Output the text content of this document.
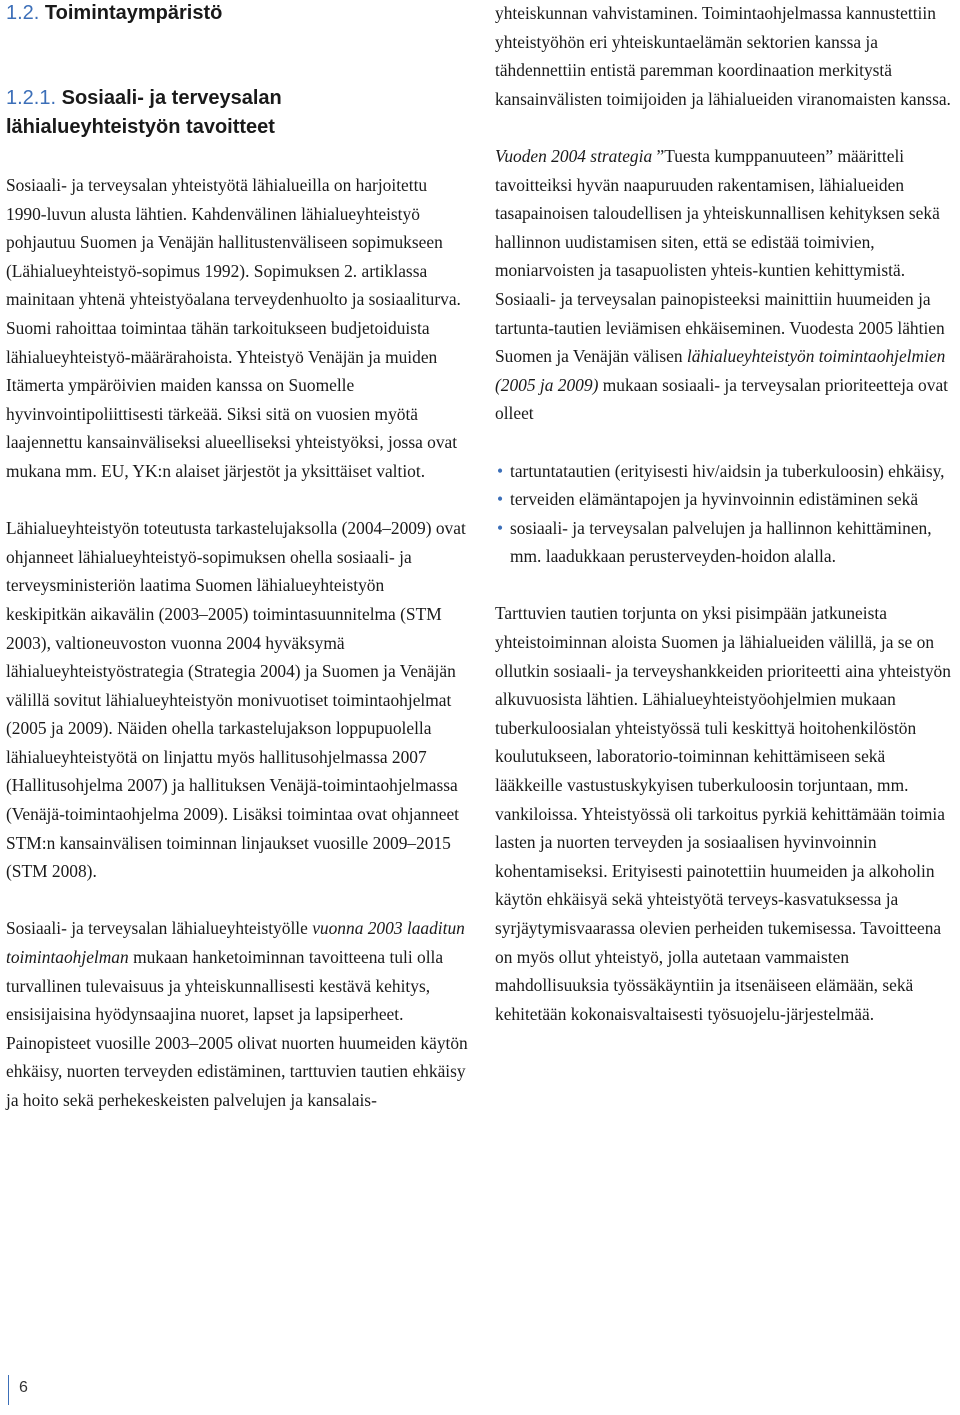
1.2. Toimintaympäristö
1.2.1. Sosiaali- ja terveysalan
lähialueyhteistyön tavoitteet

Sosiaali- ja terveysalan yhteistyötä lähialueilla on harjoitettu 1990-luvun alusta lähtien. Kahdenvälinen lähialueyhteistyö pohjautuu Suomen ja Venäjän hallitustenväliseen sopimukseen (Lähialueyhteistyö-sopimus 1992). Sopimuksen 2. artiklassa mainitaan yhtenä yhteistyöalana terveydenhuolto ja sosiaaliturva. Suomi rahoittaa toimintaa tähän tarkoitukseen budjetoiduista lähialueyhteistyö-määrärahoista. Yhteistyö Venäjän ja muiden Itämerta ympäröivien maiden kanssa on Suomelle hyvinvointipoliittisesti tärkeää. Siksi sitä on vuosien myötä laajennettu kansainväliseksi alueelliseksi yhteistyöksi, jossa ovat mukana mm. EU, YK:n alaiset järjestöt ja yksittäiset valtiot.

Lähialueyhteistyön toteutusta tarkastelujaksolla (2004–2009) ovat ohjanneet lähialueyhteistyö-sopimuksen ohella sosiaali- ja terveysministeriön laatima Suomen lähialueyhteistyön keskipitkän aikavälin (2003–2005) toimintasuunnitelma (STM 2003), valtioneuvoston vuonna 2004 hyväksymä lähialueyhteistyöstrategia (Strategia 2004) ja Suomen ja Venäjän välillä sovitut lähialueyhteistyön monivuotiset toimintaohjelmat (2005 ja 2009). Näiden ohella tarkastelujakson loppupuolella lähialueyhteistyötä on linjattu myös hallitusohjelmassa 2007 (Hallitusohjelma 2007) ja hallituksen Venäjä-toimintaohjelmassa (Venäjä-toimintaohjelma 2009). Lisäksi toimintaa ovat ohjanneet STM:n kansainvälisen toiminnan linjaukset vuosille 2009–2015 (STM 2008).

Sosiaali- ja terveysalan lähialueyhteistyölle vuonna 2003 laaditun toimintaohjelman mukaan hanketoiminnan tavoitteena tuli olla turvallinen tulevaisuus ja yhteiskunnallisesti kestävä kehitys, ensisijaisina hyödynsaajina nuoret, lapset ja lapsiperheet. Painopisteet vuosille 2003–2005 olivat nuorten huumeiden käytön ehkäisy, nuorten terveyden edistäminen, tarttuvien tautien ehkäisy ja hoito sekä perhekeskeisten palvelujen ja kansalais-

yhteiskunnan vahvistaminen. Toimintaohjelmassa kannustettiin yhteistyöhön eri yhteiskuntaelämän sektorien kanssa ja tähdennettiin entistä paremman koordinaation merkitystä kansainvälisten toimijoiden ja lähialueiden viranomaisten kanssa.

Vuoden 2004 strategia ”Tuesta kumppanuuteen” määritteli tavoitteiksi hyvän naapuruuden rakentamisen, lähialueiden tasapainoisen taloudellisen ja yhteiskunnallisen kehityksen sekä hallinnon uudistamisen siten, että se edistää toimivien, moniarvoisten ja tasapuolisten yhteis-kuntien kehittymistä. Sosiaali- ja terveysalan painopisteeksi mainittiin huumeiden ja tartunta-tautien leviämisen ehkäiseminen. Vuodesta 2005 lähtien Suomen ja Venäjän välisen lähialueyhteistyön toimintaohjelmien (2005 ja 2009) mukaan sosiaali- ja terveysalan prioriteetteja ovat olleet

• tartuntatautien (erityisesti hiv/aidsin ja tuberkuloosin) ehkäisy,
• terveiden elämäntapojen ja hyvinvoinnin edistäminen sekä
• sosiaali- ja terveysalan palvelujen ja hallinnon kehittäminen, mm. laadukkaan perusterveyden-hoidon alalla.

Tarttuvien tautien torjunta on yksi pisimpään jatkuneista yhteistoiminnan aloista Suomen ja lähialueiden välillä, ja se on ollutkin sosiaali- ja terveyshankkeiden prioriteetti aina yhteistyön alkuvuosista lähtien. Lähialueyhteistyöohjelmien mukaan tuberkuloosialan yhteistyössä tuli keskittyä hoitohenkilöstön koulutukseen, laboratorio-toiminnan kehittämiseen sekä lääkkeille vastustuskykyisen tuberkuloosin torjuntaan, mm. vankiloissa. Yhteistyössä oli tarkoitus pyrkiä kehittämään toimia lasten ja nuorten terveyden ja sosiaalisen hyvinvoinnin kohentamiseksi. Erityisesti painotettiin huumeiden ja alkoholin käytön ehkäisyä sekä yhteistyötä terveys-kasvatuksessa ja syrjäytymisvaarassa olevien perheiden tukemisessa. Tavoitteena on myös ollut yhteistyö, jolla autetaan vammaisten mahdollisuuksia työssäkäyntiin ja itsenäiseen elämään, sekä kehitetään kokonaisvaltaisesti työsuojelu-järjestelmää.

6
